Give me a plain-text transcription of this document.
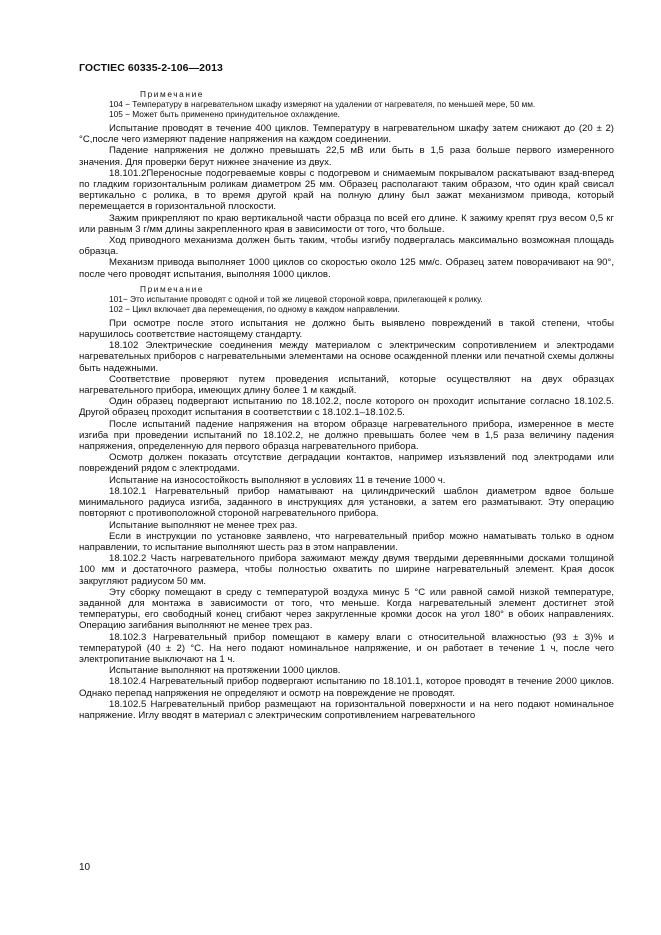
ГОСТIEC 60335-2-106—2013

Примечание

104 − Температуру в нагревательном шкафу измеряют на удалении от нагревателя, по меньшей мере, 50 мм.

105 − Может быть применено принудительное охлаждение.

Испытание проводят в течение 400 циклов. Температуру в нагревательном шкафу затем снижают до (20 ± 2) °С,после чего измеряют падение напряжения на каждом соединении.

Падение напряжения не должно превышать 22,5 мВ или быть в 1,5 раза больше первого измеренного значения. Для проверки берут нижнее значение из двух.

18.101.2Переносные подогреваемые ковры с подогревом и снимаемым покрывалом раскатывают взад-вперед по гладким горизонтальным роликам диаметром 25 мм. Образец располагают таким образом, что один край свисал вертикально с ролика, в то время другой край на полную длину был зажат механизмом привода, который перемещается в горизонтальной плоскости.

Зажим прикрепляют по краю вертикальной части образца по всей его длине. К зажиму крепят груз весом 0,5 кг или равным 3 г/мм длины закрепленного края в зависимости от того, что больше.

Ход приводного механизма должен быть таким, чтобы изгибу подвергалась максимально возможная площадь образца.

Механизм привода выполняет 1000 циклов со скоростью около 125 мм/с. Образец затем поворачивают на 90°, после чего проводят испытания, выполняя 1000 циклов.

Примечание

101− Это испытание проводят с одной и той же лицевой стороной ковра, прилегающей к ролику.

102 − Цикл включает два перемещения, по одному в каждом направлении.

При осмотре после этого испытания не должно быть выявлено повреждений в такой степени, чтобы нарушилось соответствие настоящему стандарту.

18.102 Электрические соединения между материалом с электрическим сопротивлением и электродами нагревательных приборов с нагревательными элементами на основе осажденной пленки или печатной схемы должны быть надежными.

Соответствие проверяют путем проведения испытаний, которые осуществляют на двух образцах нагревательного прибора, имеющих длину более 1 м каждый.

Один образец подвергают испытанию по 18.102.2, после которого он проходит испытание согласно 18.102.5. Другой образец проходит испытания в соответствии с 18.102.1–18.102.5.

После испытаний падение напряжения на втором образце нагревательного прибора, измеренное в месте изгиба при проведении испытаний по 18.102.2, не должно превышать более чем в 1,5 раза величину падения напряжения, определенную для первого образца нагревательного прибора.

Осмотр должен показать отсутствие деградации контактов, например изъязвлений под электродами или повреждений рядом с электродами.

Испытание на износостойкость выполняют в условиях 11 в течение 1000 ч.

18.102.1 Нагревательный прибор наматывают на цилиндрический шаблон диаметром вдвое больше минимального радиуса изгиба, заданного в инструкциях для установки, а затем его разматывают. Эту операцию повторяют с противоположной стороной нагревательного прибора.

Испытание выполняют не менее трех раз.

Если в инструкции по установке заявлено, что нагревательный прибор можно наматывать только в одном направлении, то испытание выполняют шесть раз в этом направлении.

18.102.2 Часть нагревательного прибора зажимают между двумя твердыми деревянными досками толщиной 100 мм и достаточного размера, чтобы полностью охватить по ширине нагревательный элемент. Края досок закругляют радиусом 50 мм.

Эту сборку помещают в среду с температурой воздуха минус 5 °С или равной самой низкой температуре, заданной для монтажа в зависимости от того, что меньше. Когда нагревательный элемент достигнет этой температуры, его свободный конец сгибают через закругленные кромки досок на угол 180° в обоих направлениях. Операцию загибания выполняют не менее трех раз.

18.102.3 Нагревательный прибор помещают в камеру влаги с относительной влажностью (93 ± 3)% и температурой (40 ± 2) °С. На него подают номинальное напряжение, и он работает в течение 1 ч, после чего электропитание выключают на 1 ч.

Испытание выполняют на протяжении 1000 циклов.

18.102.4 Нагревательный прибор подвергают испытанию по 18.101.1, которое проводят в течение 2000 циклов. Однако перепад напряжения не определяют и осмотр на повреждение не проводят.

18.102.5 Нагревательный прибор размещают на горизонтальной поверхности и на него подают номинальное напряжение. Иглу вводят в материал с электрическим сопротивлением нагревательного

10
